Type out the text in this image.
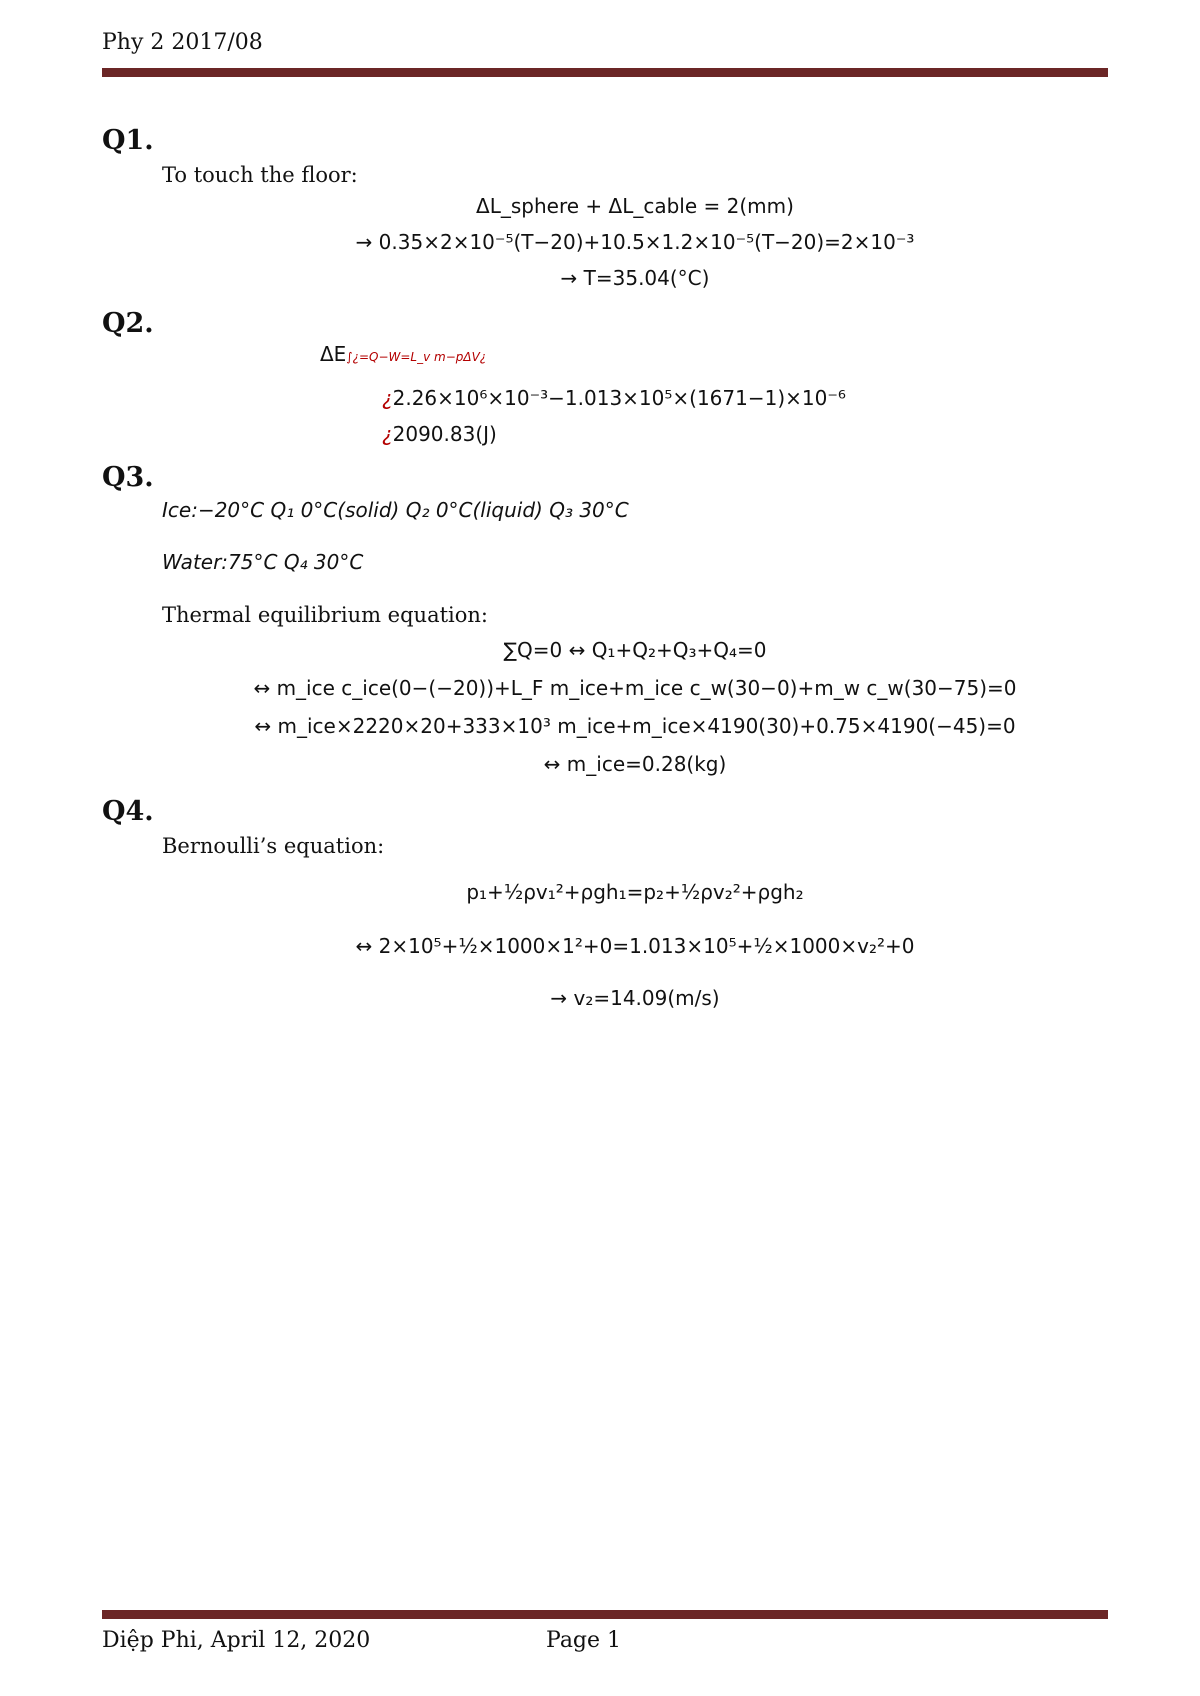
Phy 2 2017/08
Q1.
To touch the floor:
ΔL_sphere + ΔL_cable = 2(mm)
→ 0.35×2×10⁻⁵(T−20)+10.5×1.2×10⁻⁵(T−20)=2×10⁻³
→ T=35.04(°C)
Q2.
ΔE∫¿=Q−W=L_v m−pΔV¿
¿2.26×10⁶×10⁻³−1.013×10⁵×(1671−1)×10⁻⁶
¿2090.83(J)
Q3.
Ice:−20°C Q₁ 0°C(solid) Q₂ 0°C(liquid) Q₃ 30°C
Water:75°C Q₄ 30°C
Thermal equilibrium equation:
∑Q=0 ↔ Q₁+Q₂+Q₃+Q₄=0
↔ m_ice c_ice(0−(−20))+L_F m_ice+m_ice c_w(30−0)+m_w c_w(30−75)=0
↔ m_ice×2220×20+333×10³ m_ice+m_ice×4190(30)+0.75×4190(−45)=0
↔ m_ice=0.28(kg)
Q4.
Bernoulli’s equation:
p₁+½ρv₁²+ρgh₁=p₂+½ρv₂²+ρgh₂
↔ 2×10⁵+½×1000×1²+0=1.013×10⁵+½×1000×v₂²+0
→ v₂=14.09(m/s)
Diệp Phi, April 12, 2020	Page 1
